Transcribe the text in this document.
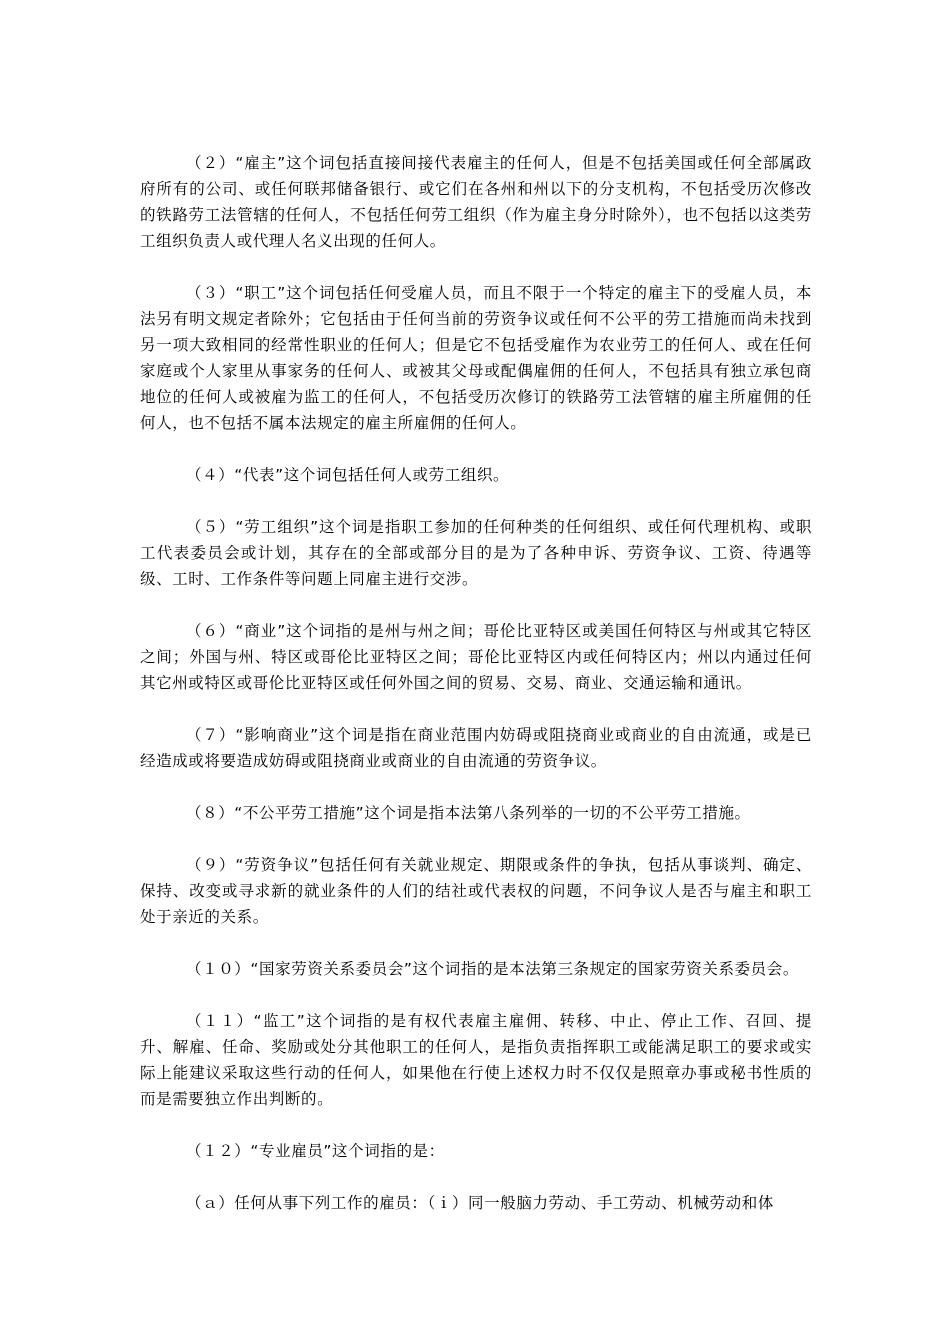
（２）“雇主”这个词包括直接间接代表雇主的任何人，但是不包括美国或任何全部属政府所有的公司、或任何联邦储备银行、或它们在各州和州以下的分支机构，不包括受历次修改的铁路劳工法管辖的任何人，不包括任何劳工组织（作为雇主身分时除外），也不包括以这类劳工组织负责人或代理人名义出现的任何人。

（３）“职工”这个词包括任何受雇人员，而且不限于一个特定的雇主下的受雇人员，本法另有明文规定者除外；它包括由于任何当前的劳资争议或任何不公平的劳工措施而尚未找到另一项大致相同的经常性职业的任何人；但是它不包括受雇作为农业劳工的任何人、或在任何家庭或个人家里从事家务的任何人、或被其父母或配偶雇佣的任何人，不包括具有独立承包商地位的任何人或被雇为监工的任何人，不包括受历次修订的铁路劳工法管辖的雇主所雇佣的任何人，也不包括不属本法规定的雇主所雇佣的任何人。

（４）“代表”这个词包括任何人或劳工组织。

（５）“劳工组织”这个词是指职工参加的任何种类的任何组织、或任何代理机构、或职工代表委员会或计划，其存在的全部或部分目的是为了各种申诉、劳资争议、工资、待遇等级、工时、工作条件等问题上同雇主进行交涉。

（６）“商业”这个词指的是州与州之间；哥伦比亚特区或美国任何特区与州或其它特区之间；外国与州、特区或哥伦比亚特区之间；哥伦比亚特区内或任何特区内；州以内通过任何其它州或特区或哥伦比亚特区或任何外国之间的贸易、交易、商业、交通运输和通讯。

（７）“影响商业”这个词是指在商业范围内妨碍或阻挠商业或商业的自由流通，或是已经造成或将要造成妨碍或阻挠商业或商业的自由流通的劳资争议。

（８）“不公平劳工措施”这个词是指本法第八条列举的一切的不公平劳工措施。

（９）“劳资争议”包括任何有关就业规定、期限或条件的争执，包括从事谈判、确定、保持、改变或寻求新的就业条件的人们的结社或代表权的问题，不问争议人是否与雇主和职工处于亲近的关系。

（１０）“国家劳资关系委员会”这个词指的是本法第三条规定的国家劳资关系委员会。

（１１）“监工”这个词指的是有权代表雇主雇佣、转移、中止、停止工作、召回、提升、解雇、任命、奖励或处分其他职工的任何人，是指负责指挥职工或能满足职工的要求或实际上能建议采取这些行动的任何人，如果他在行使上述权力时不仅仅是照章办事或秘书性质的而是需要独立作出判断的。

（１２）“专业雇员”这个词指的是：

（ａ）任何从事下列工作的雇员：（ｉ）同一般脑力劳动、手工劳动、机械劳动和体
